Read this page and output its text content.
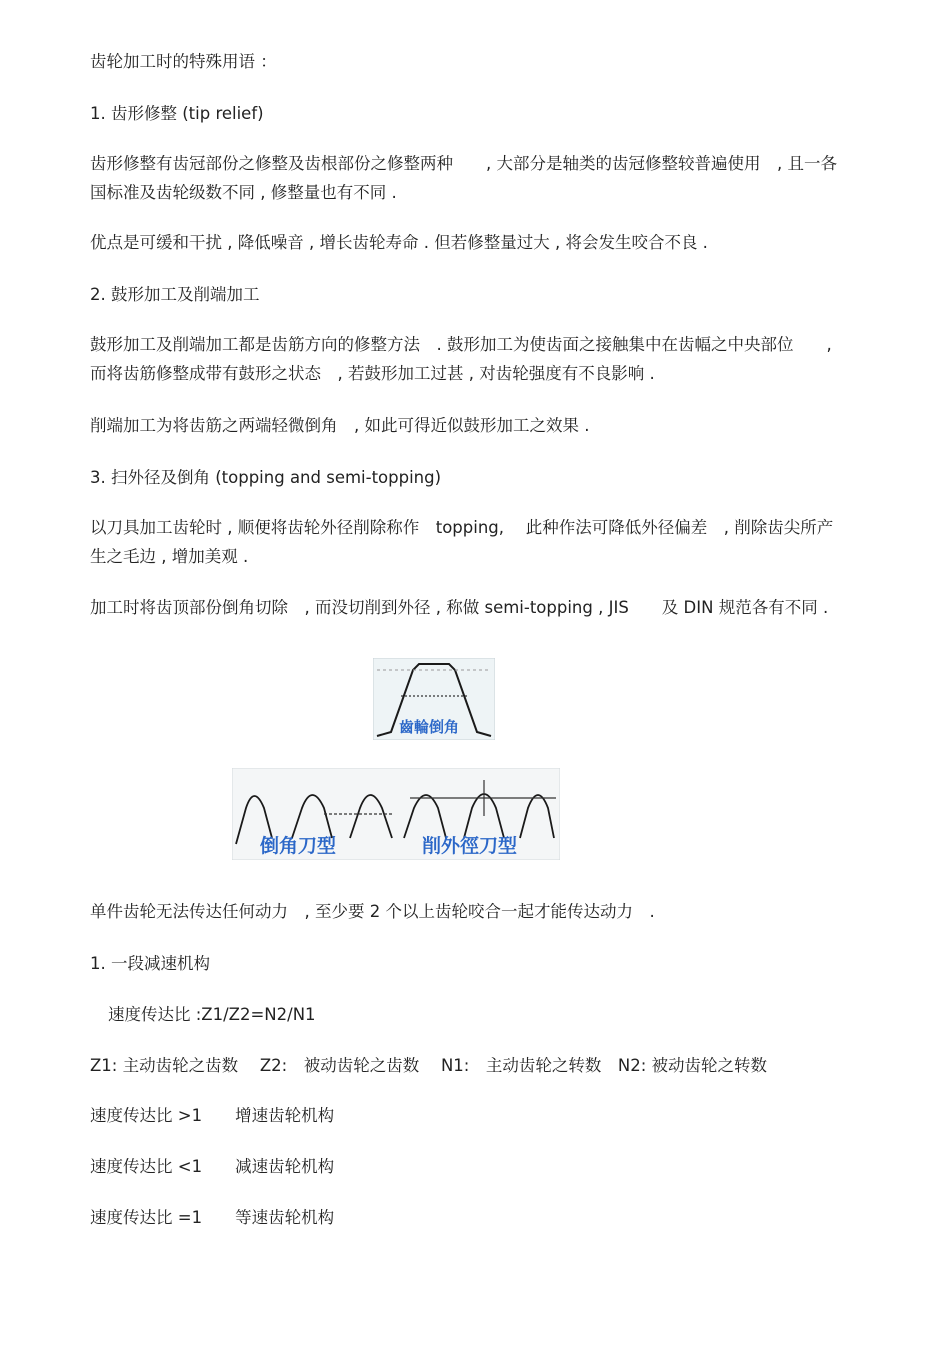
齿轮加工时的特殊用语 ：

1. 齿形修整 (tip relief)

齿形修整有齿冠部份之修整及齿根部份之修整两种　　, 大部分是轴类的齿冠修整较普遍使用　, 且一各

国标准及齿轮级数不同 , 修整量也有不同 .

优点是可缓和干扰 , 降低噪音 , 增长齿轮寿命 . 但若修整量过大 , 将会发生咬合不良 .

2. 鼓形加工及削端加工

鼓形加工及削端加工都是齿筋方向的修整方法　. 鼓形加工为使齿面之接触集中在齿幅之中央部位　　,

而将齿筋修整成带有鼓形之状态　, 若鼓形加工过甚 , 对齿轮强度有不良影响 .

削端加工为将齿筋之两端轻微倒角　, 如此可得近似鼓形加工之效果 .

3. 扫外径及倒角 (topping and semi-topping)

以刀具加工齿轮时 , 顺便将齿轮外径削除称作　topping,　 此种作法可降低外径偏差　, 削除齿尖所产

生之毛边 , 增加美观 .

加工时将齿顶部份倒角切除　, 而没切削到外径 , 称做 semi-topping , JIS　　及 DIN 规范各有不同 .

齒輪倒角
倒角刀型	削外徑刀型

单件齿轮无法传达任何动力　, 至少要 2 个以上齿轮咬合一起才能传达动力　.

1. 一段减速机构

速度传达比 :Z1/Z2=N2/N1

Z1: 主动齿轮之齿数　 Z2:　被动齿轮之齿数　 N1:　主动齿轮之转数　N2: 被动齿轮之转数

速度传达比 >1　　增速齿轮机构

速度传达比 <1　　减速齿轮机构

速度传达比 =1　　等速齿轮机构
